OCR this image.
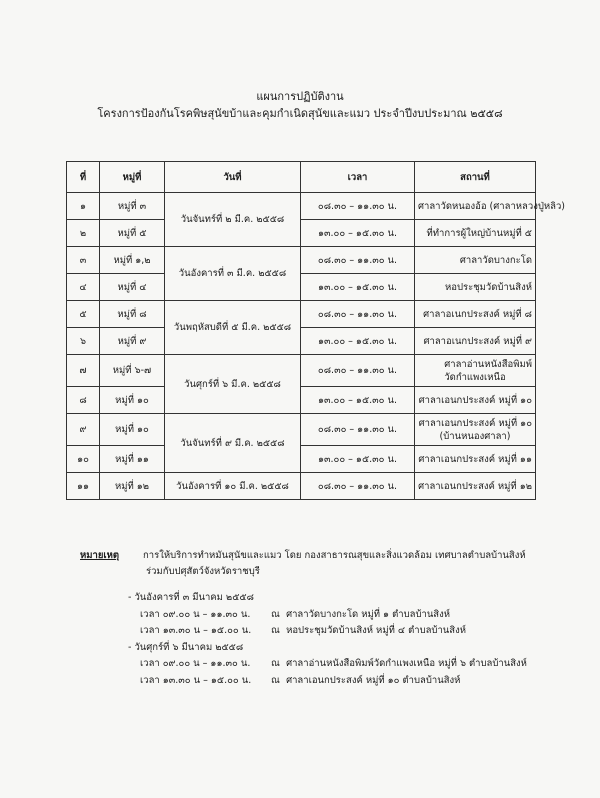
แผนการปฏิบัติงาน
โครงการป้องกันโรคพิษสุนัขบ้าและคุมกำเนิดสุนัขและแมว ประจำปีงบประมาณ ๒๕๕๘
ที่	หมู่ที่	วันที่	เวลา	สถานที่
๑	หมู่ที่ ๓	วันจันทร์ที่ ๒ มี.ค. ๒๕๕๘	๐๘.๓๐ – ๑๑.๓๐ น.	ศาลาวัดหนองอ้อ (ศาลาหลวงปู่หลิว)
๒	หมู่ที่ ๕		๑๓.๐๐ – ๑๕.๓๐ น.	ที่ทำการผู้ใหญ่บ้านหมู่ที่ ๕
๓	หมู่ที่ ๑,๒	วันอังคารที่ ๓ มี.ค. ๒๕๕๘	๐๘.๓๐ – ๑๑.๓๐ น.	ศาลาวัดบางกะโด
๔	หมู่ที่ ๔		๑๓.๐๐ – ๑๕.๓๐ น.	หอประชุมวัดบ้านสิงห์
๕	หมู่ที่ ๘	วันพฤหัสบดีที่ ๕ มี.ค. ๒๕๕๘	๐๘.๓๐ – ๑๑.๓๐ น.	ศาลาอเนกประสงค์ หมู่ที่ ๘
๖	หมู่ที่ ๙		๑๓.๐๐ – ๑๕.๓๐ น.	ศาลาอเนกประสงค์ หมู่ที่ ๙
๗	หมู่ที่ ๖-๗	วันศุกร์ที่ ๖ มี.ค. ๒๕๕๘	๐๘.๓๐ – ๑๑.๓๐ น.	ศาลาอ่านหนังสือพิมพ์
วัดกำแพงเหนือ

๘	หมู่ที่ ๑๐		๑๓.๐๐ – ๑๕.๓๐ น.	ศาลาเอนกประสงค์ หมู่ที่ ๑๐
๙	หมู่ที่ ๑๐	วันจันทร์ที่ ๙ มี.ค. ๒๕๕๘	๐๘.๓๐ – ๑๑.๓๐ น.	ศาลาเอนกประสงค์ หมู่ที่ ๑๐
(บ้านหนองศาลา)

๑๐	หมู่ที่ ๑๑		๑๓.๐๐ – ๑๕.๓๐ น.	ศาลาเอนกประสงค์ หมู่ที่ ๑๑
๑๑	หมู่ที่ ๑๒	วันอังคารที่ ๑๐ มี.ค. ๒๕๕๘	๐๘.๓๐ – ๑๑.๓๐ น.	ศาลาเอนกประสงค์ หมู่ที่ ๑๒
หมายเหตุ	การให้บริการทำหมันสุนัขและแมว โดย กองสาธารณสุขและสิ่งแวดล้อม เทศบาลตำบลบ้านสิงห์
ร่วมกับปศุสัตว์จังหวัดราชบุรี
- วันอังคารที่ ๓ มีนาคม ๒๕๕๘
เวลา ๐๙.๐๐ น – ๑๑.๓๐ น. ณ ศาลาวัดบางกะโด หมู่ที่ ๑ ตำบลบ้านสิงห์
เวลา ๑๓.๓๐ น – ๑๕.๐๐ น. ณ หอประชุมวัดบ้านสิงห์ หมู่ที่ ๔ ตำบลบ้านสิงห์
- วันศุกร์ที่ ๖ มีนาคม ๒๕๕๘
เวลา ๐๙.๐๐ น – ๑๑.๓๐ น. ณ ศาลาอ่านหนังสือพิมพ์วัดกำแพงเหนือ หมู่ที่ ๖ ตำบลบ้านสิงห์
เวลา ๑๓.๓๐ น – ๑๕.๐๐ น. ณ ศาลาเอนกประสงค์ หมู่ที่ ๑๐ ตำบลบ้านสิงห์
